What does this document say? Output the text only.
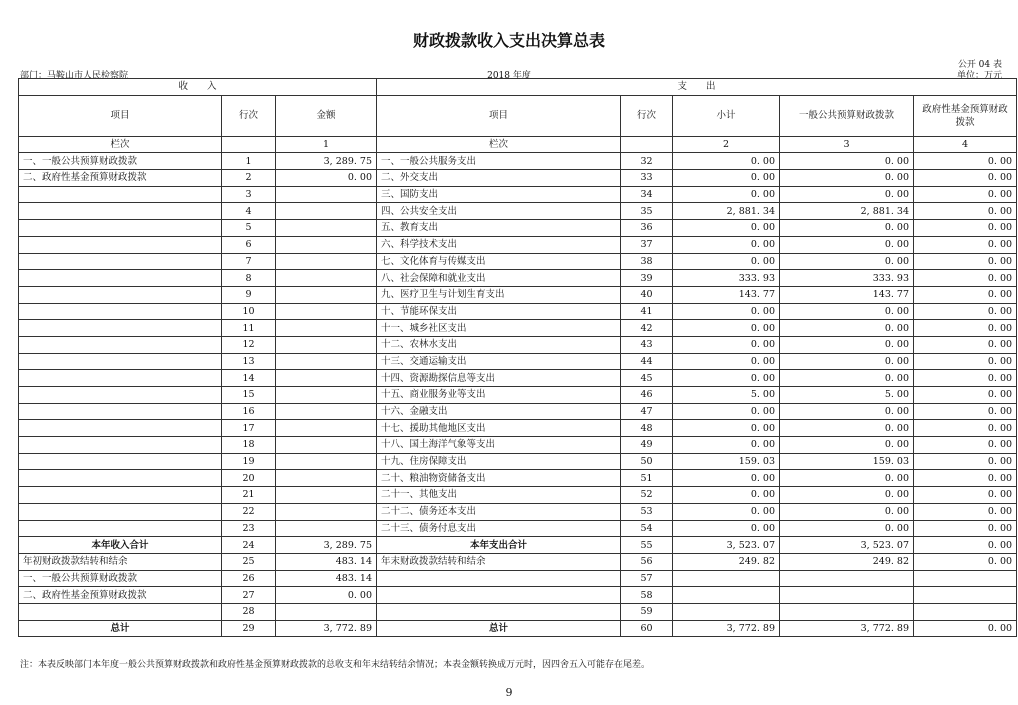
财政拨款收入支出决算总表
公开 04 表
部门：马鞍山市人民检察院	2018 年度	单位：万元
收　　入			支　　出				
项目	行次	金额	项目	行次	小计	一般公共预算财政拨款	政府性基金预算财政拨款
栏次		1	栏次		2	3	4
一、一般公共预算财政拨款	1	3, 289. 75	一、一般公共服务支出	32	0. 00	0. 00	0. 00
二、政府性基金预算财政拨款	2	0. 00	二、外交支出	33	0. 00	0. 00	0. 00
	3		三、国防支出	34	0. 00	0. 00	0. 00
	4		四、公共安全支出	35	2, 881. 34	2, 881. 34	0. 00
	5		五、教育支出	36	0. 00	0. 00	0. 00
	6		六、科学技术支出	37	0. 00	0. 00	0. 00
	7		七、文化体育与传媒支出	38	0. 00	0. 00	0. 00
	8		八、社会保障和就业支出	39	333. 93	333. 93	0. 00
	9		九、医疗卫生与计划生育支出	40	143. 77	143. 77	0. 00
	10		十、节能环保支出	41	0. 00	0. 00	0. 00
	11		十一、城乡社区支出	42	0. 00	0. 00	0. 00
	12		十二、农林水支出	43	0. 00	0. 00	0. 00
	13		十三、交通运输支出	44	0. 00	0. 00	0. 00
	14		十四、资源勘探信息等支出	45	0. 00	0. 00	0. 00
	15		十五、商业服务业等支出	46	5. 00	5. 00	0. 00
	16		十六、金融支出	47	0. 00	0. 00	0. 00
	17		十七、援助其他地区支出	48	0. 00	0. 00	0. 00
	18		十八、国土海洋气象等支出	49	0. 00	0. 00	0. 00
	19		十九、住房保障支出	50	159. 03	159. 03	0. 00
	20		二十、粮油物资储备支出	51	0. 00	0. 00	0. 00
	21		二十一、其他支出	52	0. 00	0. 00	0. 00
	22		二十二、债务还本支出	53	0. 00	0. 00	0. 00
	23		二十三、债务付息支出	54	0. 00	0. 00	0. 00
本年收入合计	24	3, 289. 75	本年支出合计	55	3, 523. 07	3, 523. 07	0. 00
年初财政拨款结转和结余	25	483. 14	年末财政拨款结转和结余	56	249. 82	249. 82	0. 00
一、一般公共预算财政拨款	26	483. 14		57			
二、政府性基金预算财政拨款	27	0. 00		58			
	28			59			
总计	29	3, 772. 89	总计	60	3, 772. 89	3, 772. 89	0. 00
注：本表反映部门本年度一般公共预算财政拨款和政府性基金预算财政拨款的总收支和年末结转结余情况；本表金额转换成万元时，因四舍五入可能存在尾差。
9
